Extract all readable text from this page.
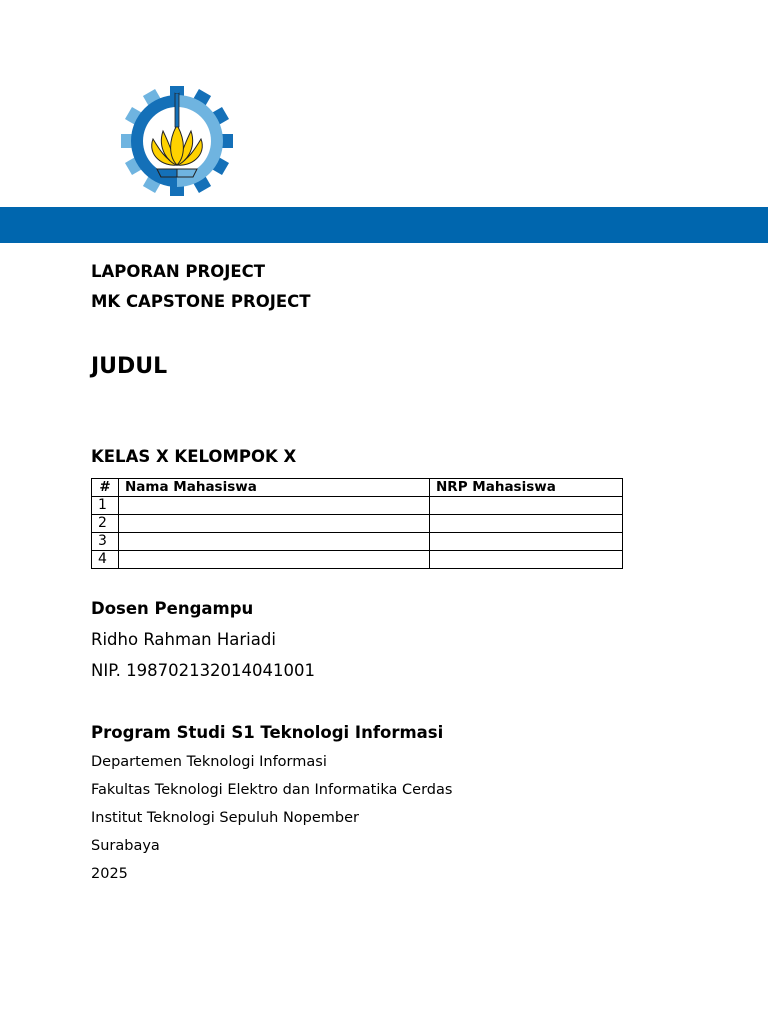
LAPORAN PROJECT
MK CAPSTONE PROJECT
JUDUL
KELAS X KELOMPOK X
#	Nama Mahasiswa	NRP Mahasiswa
1		
2		
3		
4		
Dosen Pengampu
Ridho Rahman Hariadi
NIP. 198702132014041001
Program Studi S1 Teknologi Informasi
Departemen Teknologi Informasi
Fakultas Teknologi Elektro dan Informatika Cerdas
Institut Teknologi Sepuluh Nopember
Surabaya
2025
